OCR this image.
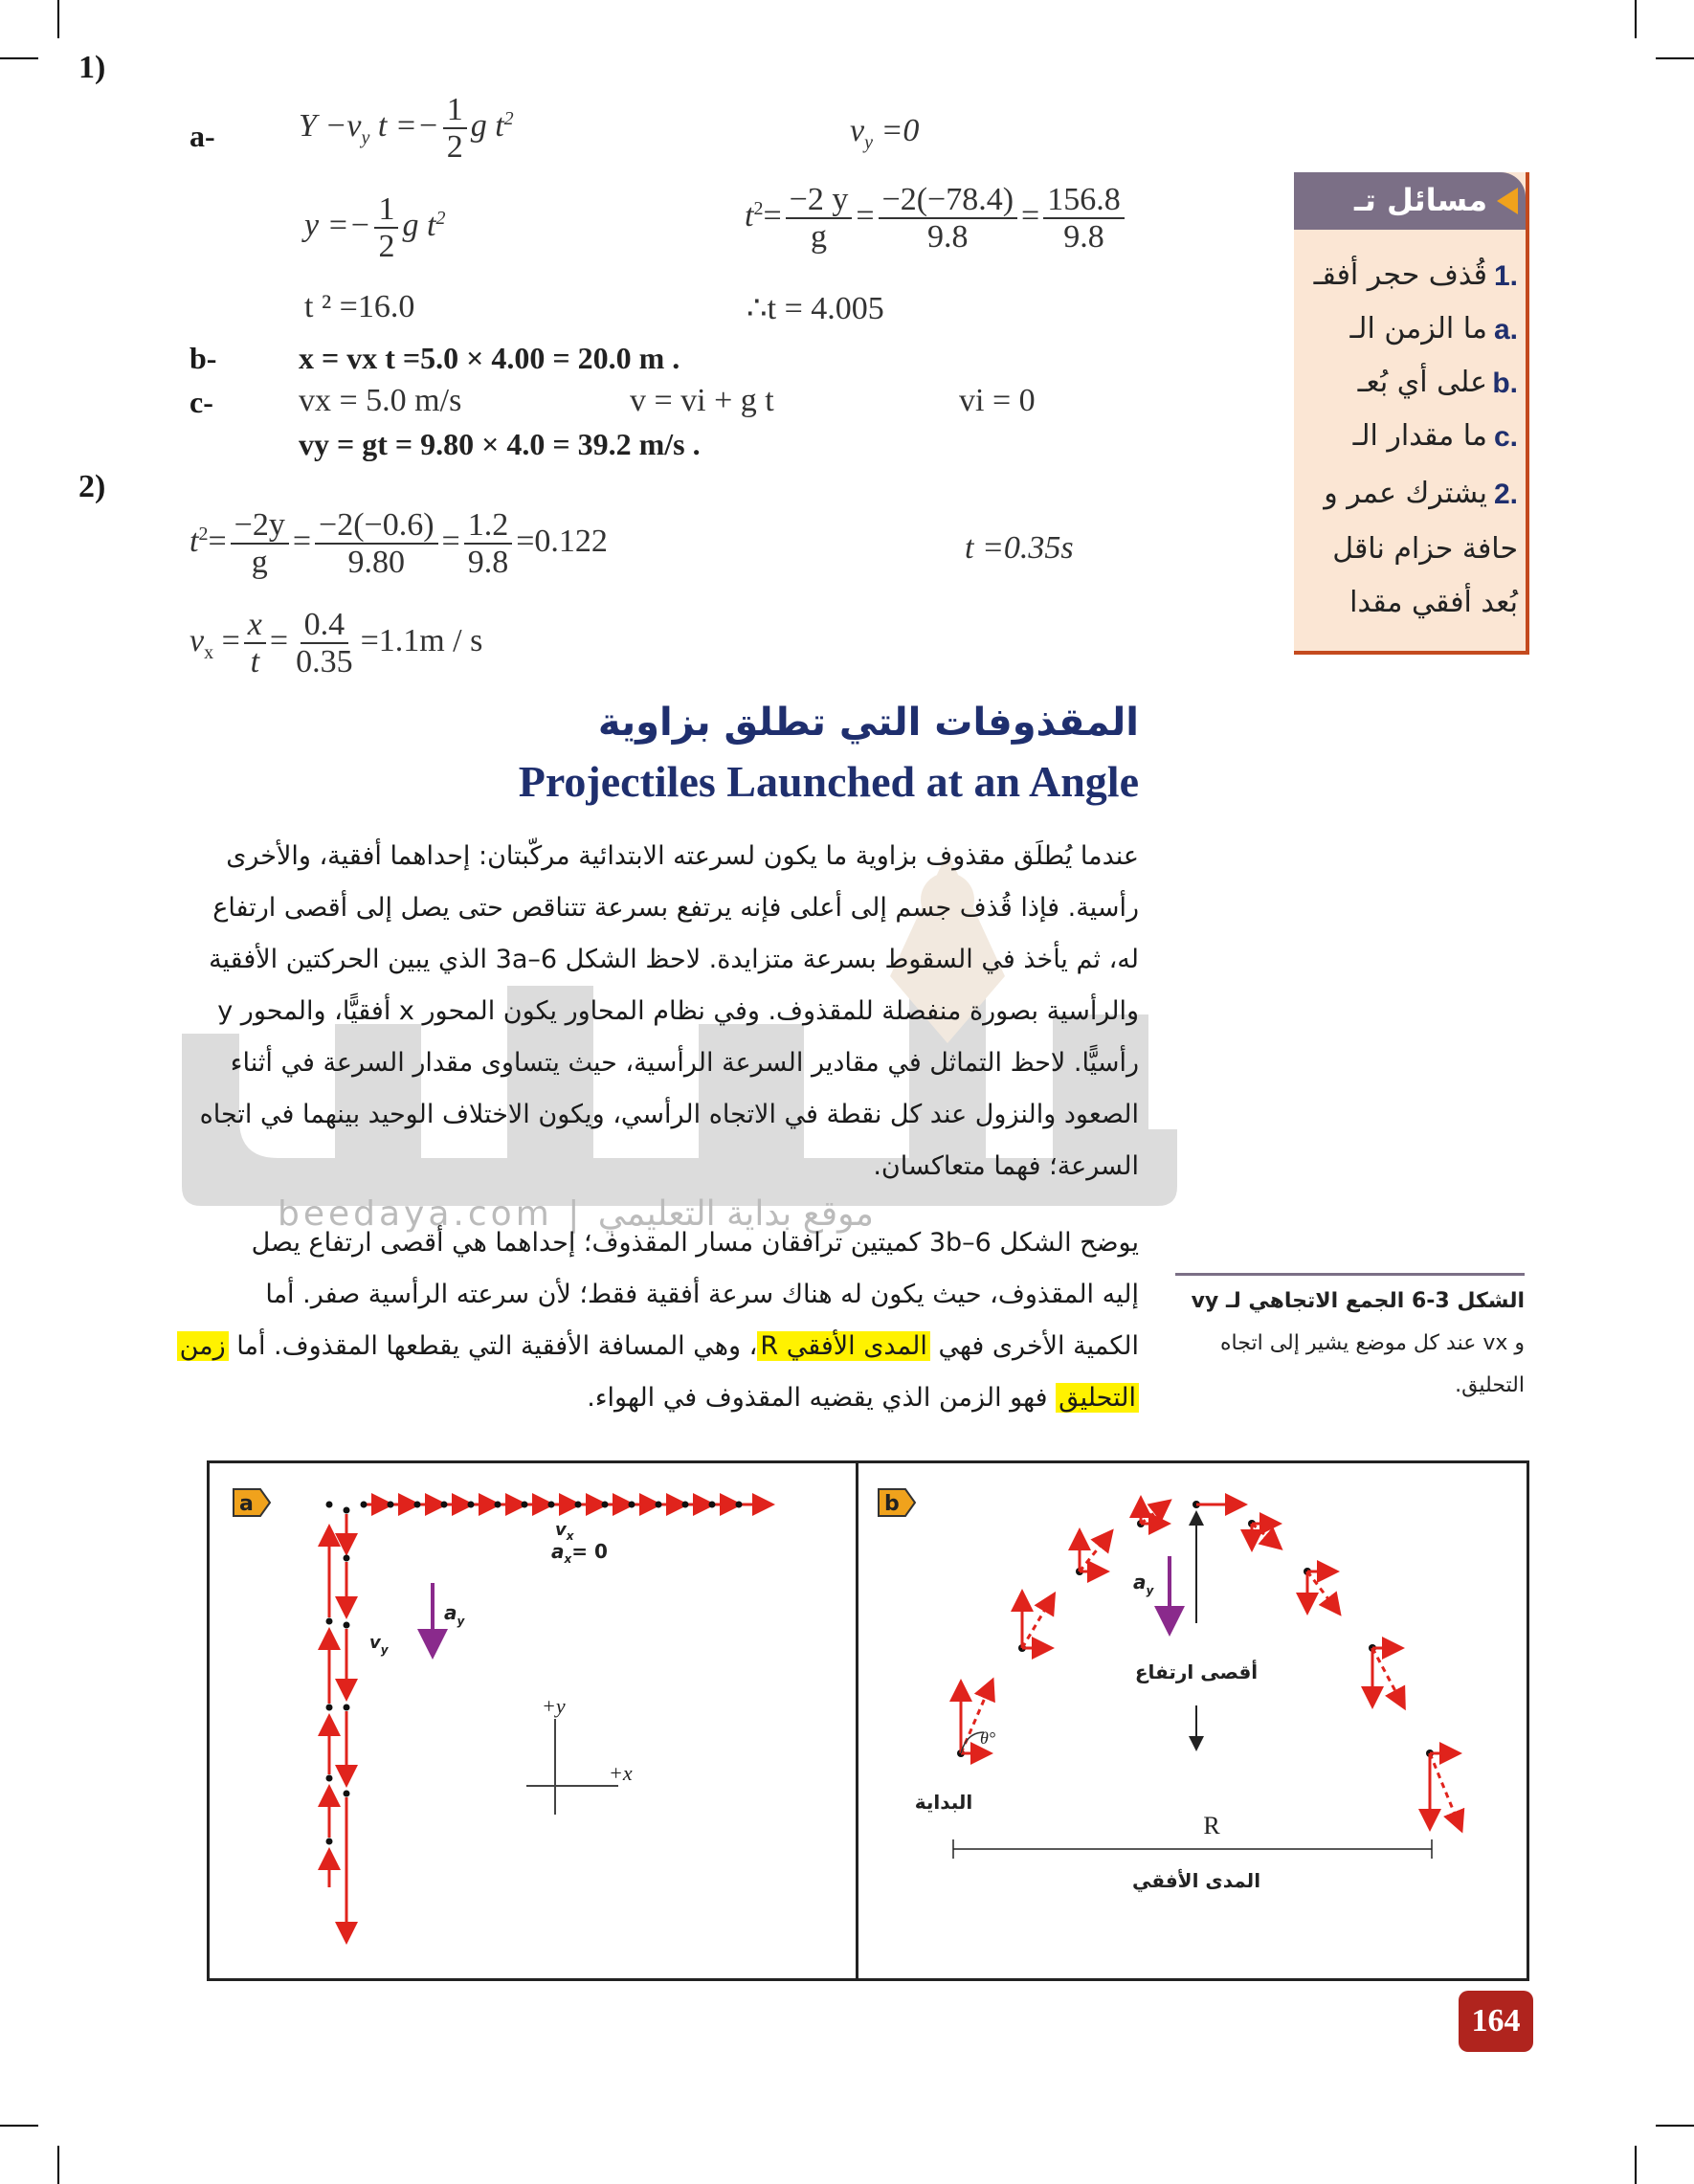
beedaya.com | موقع بداية التعليمي
1)
a-	$Y -v_y$ $t =- \frac{1}{2}$ g $t^2$	$v_y =0$
$y =- \frac{1}{2}$ g $t^2$	$t^2= \frac{-2 y}{g} = \frac{-2(-78.4)}{9.8} = \frac{156.8}{9.8}$
t ² =16.0	∴t = 4.005
b-	x = vx t =5.0 × 4.00 = 20.0 m .
c-	vx = 5.0 m/s	v = vi + g t	vi = 0
vy = gt = 9.80 × 4.0 = 39.2 m/s .
2)
$t^2= \frac{-2y}{g} = \frac{-2(-0.6)}{9.80} = \frac{1.2}{9.8} =0.122$	t =0.35s
$v_x = \frac{x}{t} = \frac{0.4}{0.35} =1.1m / s$
مسائل تـ
1.
قُذف حجر أفقـ
a.
ما الزمن الـ
b.
على أي بُعـ
c.
ما مقدار الـ
2.
يشترك عمر و
حافة حزام ناقل
بُعد أفقي مقدا
المقذوفات التي تطلق بزاوية
Projectiles Launched at an Angle
عندما يُطلَق مقذوف بزاوية ما يكون لسرعته الابتدائية مركّبتان: إحداهما أفقية، والأخرى
رأسية. فإذا قُذف جسم إلى أعلى فإنه يرتفع بسرعة تتناقص حتى يصل إلى أقصى ارتفاع
له، ثم يأخذ في السقوط بسرعة متزايدة. لاحظ الشكل 3a–6 الذي يبين الحركتين الأفقية
والرأسية بصورة منفصلة للمقذوف. وفي نظام المحاور يكون المحور x أفقيًّا، والمحور y
رأسيًّا. لاحظ التماثل في مقادير السرعة الرأسية، حيث يتساوى مقدار السرعة في أثناء
الصعود والنزول عند كل نقطة في الاتجاه الرأسي، ويكون الاختلاف الوحيد بينهما في اتجاه
السرعة؛ فهما متعاكسان.
يوضح الشكل 3b–6 كميتين ترافقان مسار المقذوف؛ إحداهما هي أقصى ارتفاع يصل
إليه المقذوف، حيث يكون له هناك سرعة أفقية فقط؛ لأن سرعته الرأسية صفر. أما
الكمية الأخرى فهي المدى الأفقي R، وهي المسافة الأفقية التي يقطعها المقذوف. أما زمن
التحليق فهو الزمن الذي يقضيه المقذوف في الهواء.
الشكل 3-6 الجمع الاتجاهي لـ vy
و vx عند كل موضع يشير إلى اتجاه
التحليق.
a
$v_x$
$a_x= 0$
$a_y$
$v_y$
+y
+x
b
θ°
$a_y$
أقصى ارتفاع
البداية
R
المدى الأفقي
164
